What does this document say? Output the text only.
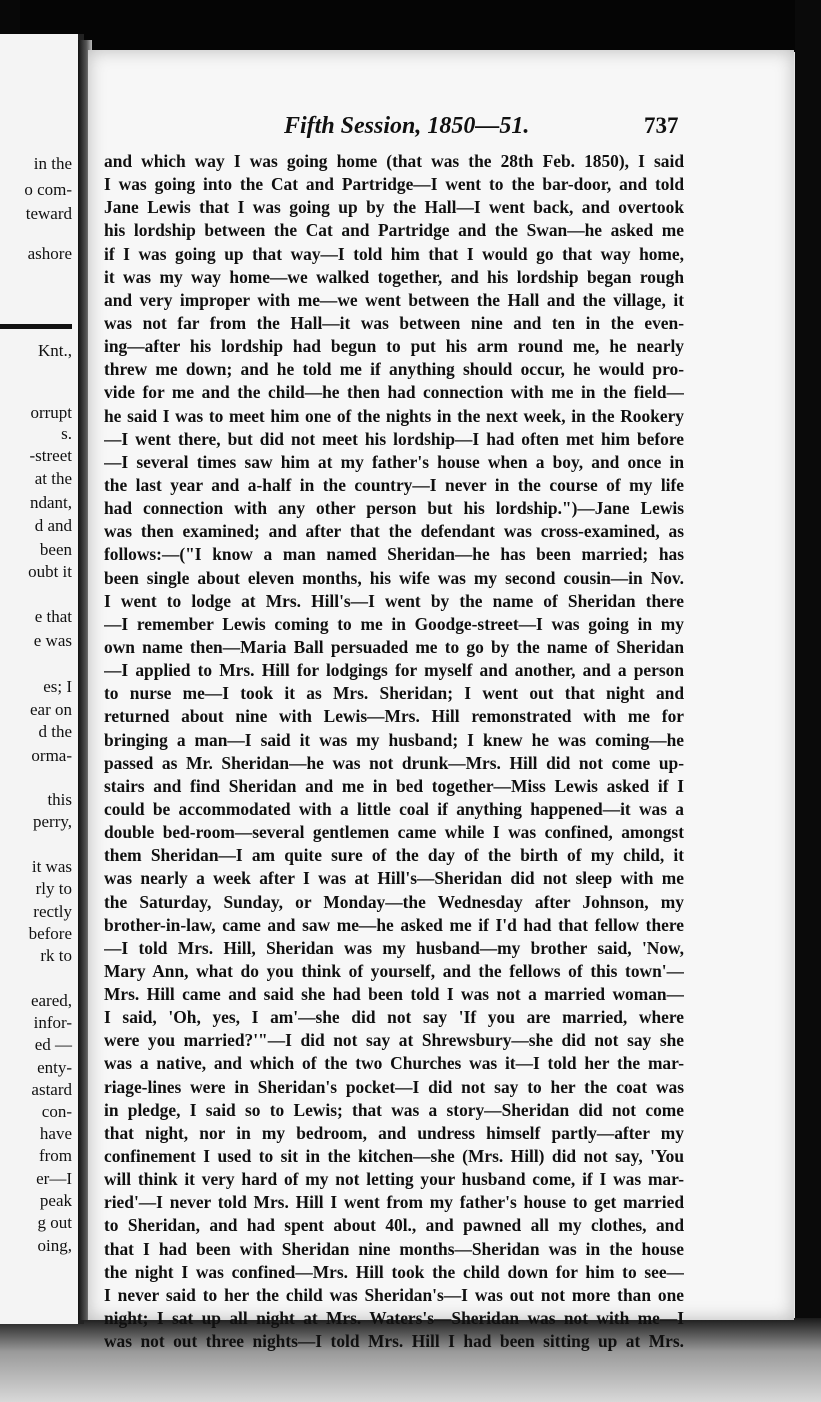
in the
o com-
teward
ashore
Knt.,
orrupt
s.
-street
at the
ndant,
d and
been
oubt it
e that
e was
es; I
ear on
d the
orma-
this
perry,
it was
rly to
rectly
before
rk to
eared,
infor-
ed —
enty-
astard
con-
have
from
er—I
peak
g out
oing,
Fifth Session, 1850—51.	737
and which way I was going home (that was the 28th Feb. 1850), I said
I was going into the Cat and Partridge—I went to the bar-door, and told
Jane Lewis that I was going up by the Hall—I went back, and overtook
his lordship between the Cat and Partridge and the Swan—he asked me
if I was going up that way—I told him that I would go that way home,
it was my way home—we walked together, and his lordship began rough
and very improper with me—we went between the Hall and the village, it
was not far from the Hall—it was between nine and ten in the even-
ing—after his lordship had begun to put his arm round me, he nearly
threw me down; and he told me if anything should occur, he would pro-
vide for me and the child—he then had connection with me in the field—
he said I was to meet him one of the nights in the next week, in the Rookery
—I went there, but did not meet his lordship—I had often met him before
—I several times saw him at my father's house when a boy, and once in
the last year and a-half in the country—I never in the course of my life
had connection with any other person but his lordship.")—Jane Lewis
was then examined; and after that the defendant was cross-examined, as
follows:—("I know a man named Sheridan—he has been married; has
been single about eleven months, his wife was my second cousin—in Nov.
I went to lodge at Mrs. Hill's—I went by the name of Sheridan there
—I remember Lewis coming to me in Goodge-street—I was going in my
own name then—Maria Ball persuaded me to go by the name of Sheridan
—I applied to Mrs. Hill for lodgings for myself and another, and a person
to nurse me—I took it as Mrs. Sheridan; I went out that night and
returned about nine with Lewis—Mrs. Hill remonstrated with me for
bringing a man—I said it was my husband; I knew he was coming—he
passed as Mr. Sheridan—he was not drunk—Mrs. Hill did not come up-
stairs and find Sheridan and me in bed together—Miss Lewis asked if I
could be accommodated with a little coal if anything happened—it was a
double bed-room—several gentlemen came while I was confined, amongst
them Sheridan—I am quite sure of the day of the birth of my child, it
was nearly a week after I was at Hill's—Sheridan did not sleep with me
the Saturday, Sunday, or Monday—the Wednesday after Johnson, my
brother-in-law, came and saw me—he asked me if I'd had that fellow there
—I told Mrs. Hill, Sheridan was my husband—my brother said, 'Now,
Mary Ann, what do you think of yourself, and the fellows of this town'—
Mrs. Hill came and said she had been told I was not a married woman—
I said, 'Oh, yes, I am'—she did not say 'If you are married, where
were you married?'"—I did not say at Shrewsbury—she did not say she
was a native, and which of the two Churches was it—I told her the mar-
riage-lines were in Sheridan's pocket—I did not say to her the coat was
in pledge, I said so to Lewis; that was a story—Sheridan did not come
that night, nor in my bedroom, and undress himself partly—after my
confinement I used to sit in the kitchen—she (Mrs. Hill) did not say, 'You
will think it very hard of my not letting your husband come, if I was mar-
ried'—I never told Mrs. Hill I went from my father's house to get married
to Sheridan, and had spent about 40l., and pawned all my clothes, and
that I had been with Sheridan nine months—Sheridan was in the house
the night I was confined—Mrs. Hill took the child down for him to see—
I never said to her the child was Sheridan's—I was out not more than one
night; I sat up all night at Mrs. Waters's—Sheridan was not with me—I
was not out three nights—I told Mrs. Hill I had been sitting up at Mrs.
